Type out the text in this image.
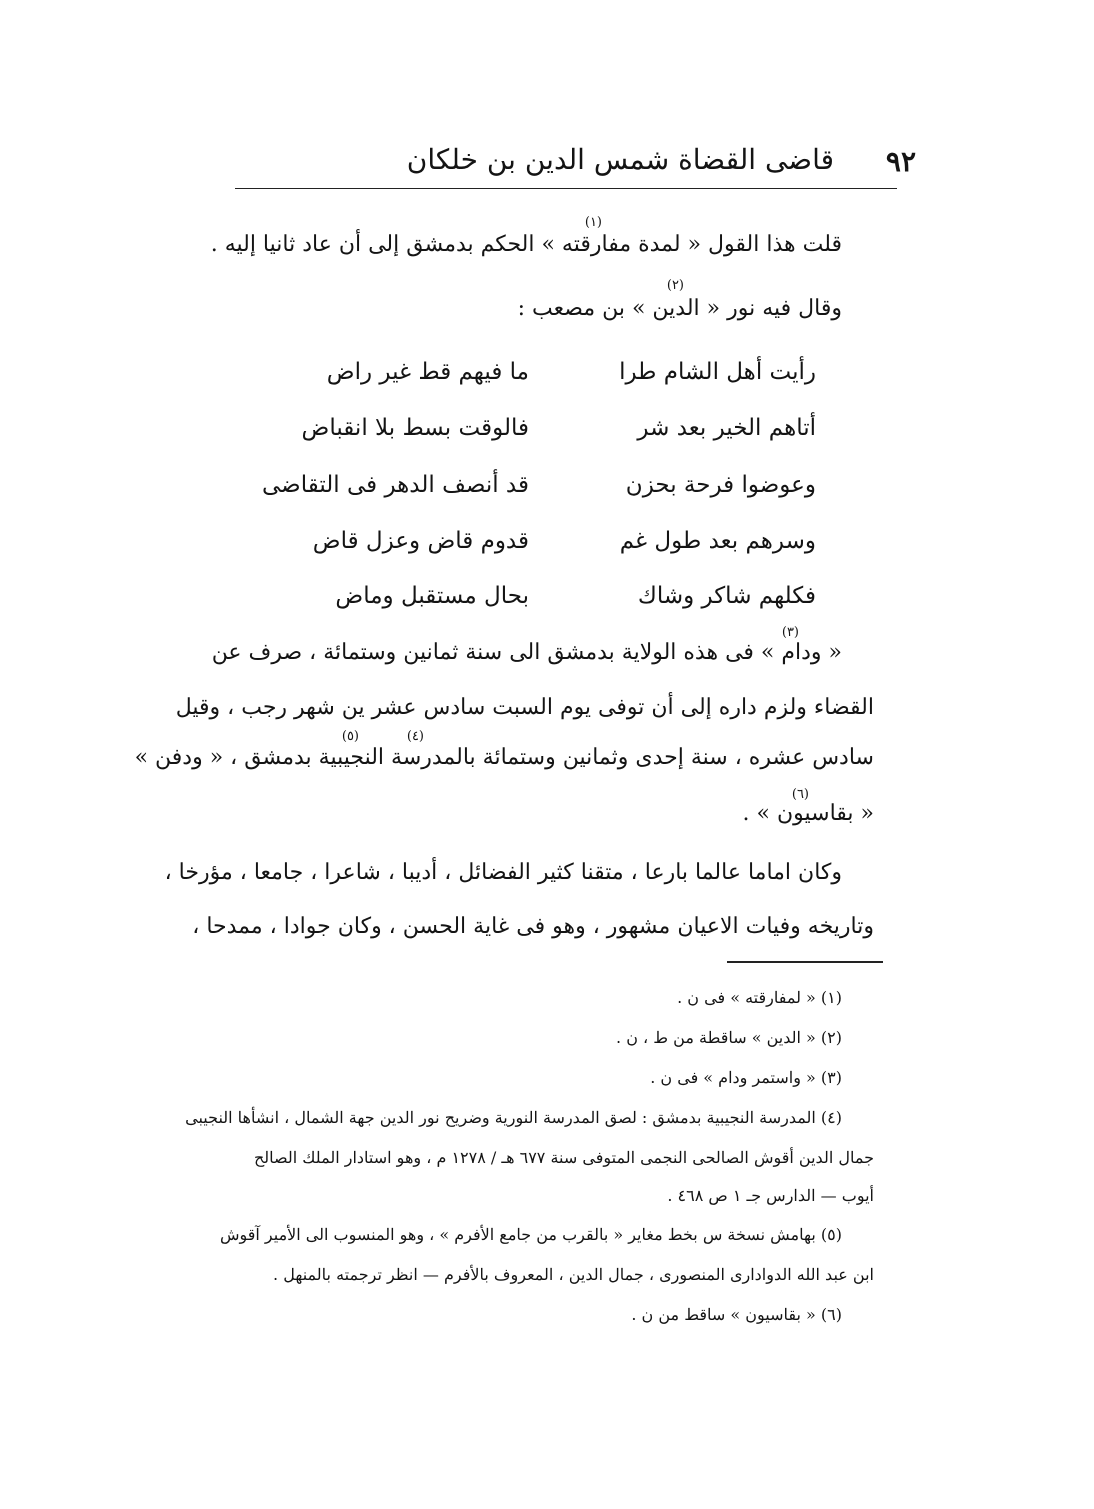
٩٢
قاضى القضاة شمس الدين بن خلكان
(١)
قلت هذا القول « لمدة مفارقته » الحكم بدمشق إلى أن عاد ثانيا إليه .
(٢)
وقال فيه نور « الدين » بن مصعب :
رأيت أهل الشام طرا
ما فيهم قط غير راض
أتاهم الخير بعد شر
فالوقت بسط بلا انقباض
وعوضوا فرحة بحزن
قد أنصف الدهر فى التقاضى
وسرهم بعد طول غم
قدوم قاض وعزل قاض
فكلهم شاكر وشاك
بحال مستقبل وماض
(٣)
« ودام » فى هذه الولاية بدمشق الى سنة ثمانين وستمائة ، صرف عن
القضاء ولزم داره إلى أن توفى يوم السبت سادس عشر ين شهر رجب ، وقيل
(٤)
(٥)
سادس عشره ، سنة إحدى وثمانين وستمائة بالمدرسة النجيبية بدمشق ، « ودفن »
(٦)
« بقاسيون » .
وكان اماما عالما بارعا ، متقنا كثير الفضائل ، أديبا ، شاعرا ، جامعا ، مؤرخا ،
وتاريخه وفيات الاعيان مشهور ، وهو فى غاية الحسن ، وكان جوادا ، ممدحا ،
(١) « لمفارقته » فى ن .
(٢) « الدين » ساقطة من ط ، ن .
(٣) « واستمر ودام » فى ن .
(٤) المدرسة النجيبية بدمشق : لصق المدرسة النورية وضريح نور الدين جهة الشمال ، انشأها النجيبى
جمال الدين أقوش الصالحى النجمى المتوفى سنة ٦٧٧ هـ / ١٢٧٨ م ، وهو استادار الملك الصالح
أيوب — الدارس جـ ١ ص ٤٦٨ .
(٥) بهامش نسخة س بخط مغاير « بالقرب من جامع الأفرم » ، وهو المنسوب الى الأمير آقوش
ابن عبد الله الدوادارى المنصورى ، جمال الدين ، المعروف بالأفرم — انظر ترجمته بالمنهل .
(٦) « بقاسيون » ساقط من ن .
